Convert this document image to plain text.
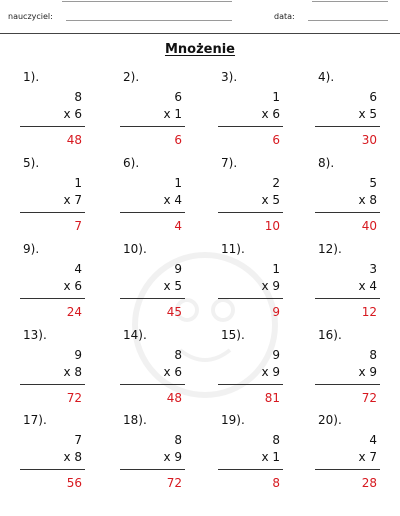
nauczyciel:	data:
Mnożenie
1).
8
x 6
48
2).
6
x 1
6
3).
1
x 6
6
4).
6
x 5
30
5).
1
x 7
7
6).
1
x 4
4
7).
2
x 5
10
8).
5
x 8
40
9).
4
x 6
24
10).
9
x 5
45
11).
1
x 9
9
12).
3
x 4
12
13).
9
x 8
72
14).
8
x 6
48
15).
9
x 9
81
16).
8
x 9
72
17).
7
x 8
56
18).
8
x 9
72
19).
8
x 1
8
20).
4
x 7
28
